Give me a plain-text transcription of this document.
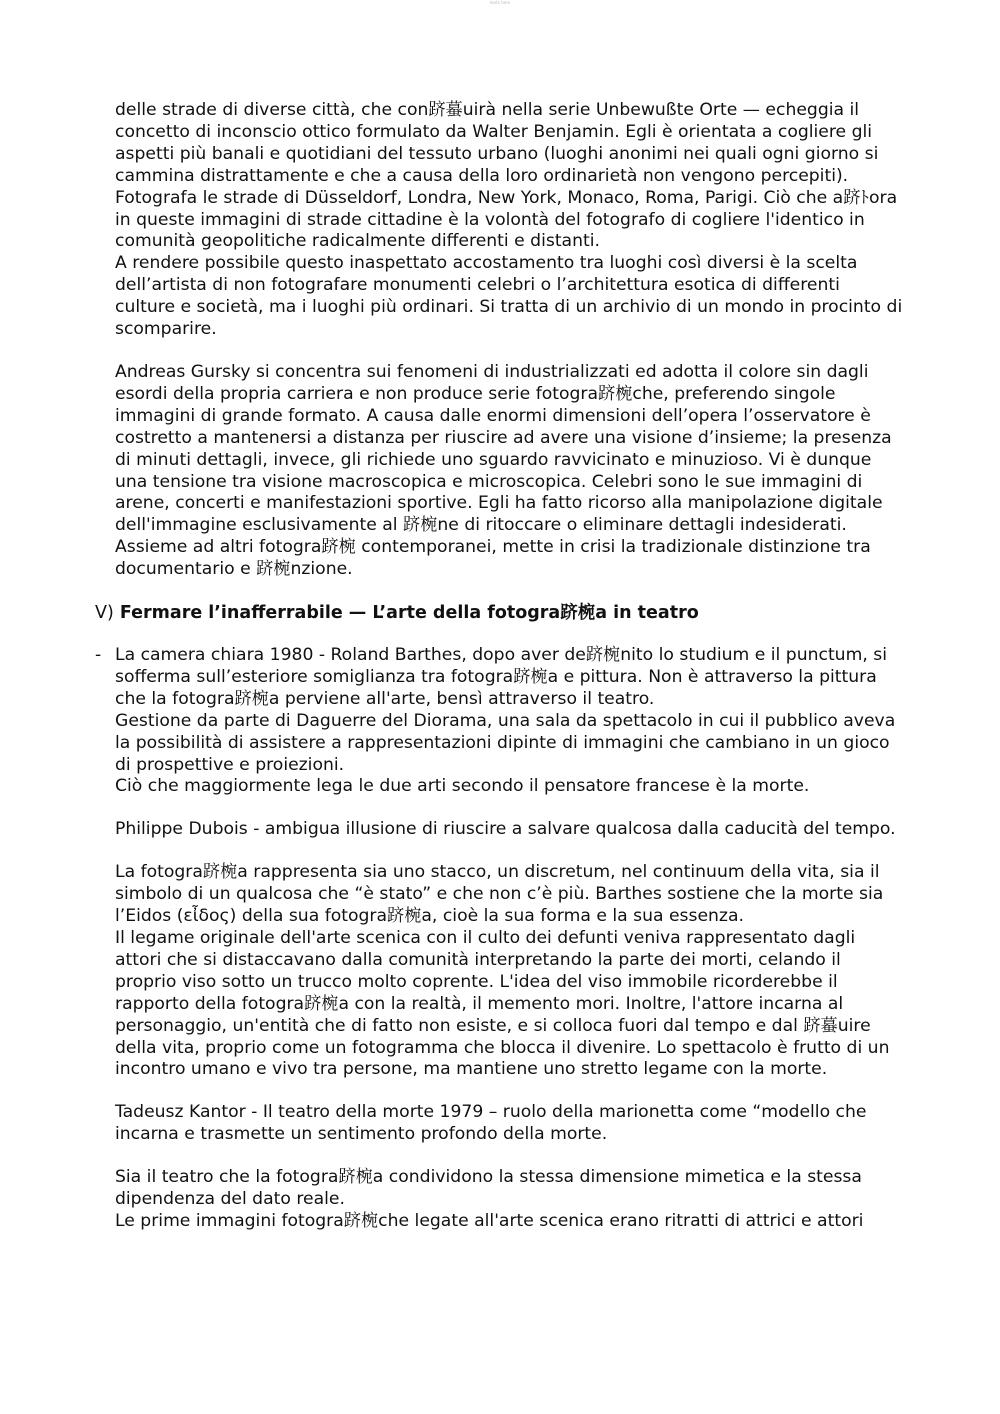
texts here

delle strade di diverse città, che con跻蟇uirà nella serie Unbewußte Orte — echeggia il concetto di inconscio ottico formulato da Walter Benjamin. Egli è orientata a cogliere gli aspetti più banali e quotidiani del tessuto urbano (luoghi anonimi nei quali ogni giorno si cammina distrattamente e che a causa della loro ordinarietà non vengono percepiti). Fotografa le strade di Düsseldorf, Londra, New York, Monaco, Roma, Parigi. Ciò che a跻ﾄora in queste immagini di strade cittadine è la volontà del fotografo di cogliere l'identico in comunità geopolitiche radicalmente differenti e distanti.

A rendere possibile questo inaspettato accostamento tra luoghi così diversi è la scelta dell’artista di non fotografare monumenti celebri o l’architettura esotica di differenti culture e società, ma i luoghi più ordinari. Si tratta di un archivio di un mondo in procinto di scomparire.

Andreas Gursky si concentra sui fenomeni di industrializzati ed adotta il colore sin dagli esordi della propria carriera e non produce serie fotogra跻椀che, preferendo singole immagini di grande formato. A causa dalle enormi dimensioni dell’opera l’osservatore è costretto a mantenersi a distanza per riuscire ad avere una visione d’insieme; la presenza di minuti dettagli, invece, gli richiede uno sguardo ravvicinato e minuzioso. Vi è dunque una tensione tra visione macroscopica e microscopica. Celebri sono le sue immagini di arene, concerti e manifestazioni sportive. Egli ha fatto ricorso alla manipolazione digitale dell'immagine esclusivamente al 跻椀ne di ritoccare o eliminare dettagli indesiderati. Assieme ad altri fotogra跻椀 contemporanei, mette in crisi la tradizionale distinzione tra documentario e 跻椀nzione.

V) Fermare l’inafferrabile — L’arte della fotogra跻椀a in teatro

- La camera chiara 1980 - Roland Barthes, dopo aver de跻椀nito lo studium e il punctum, si sofferma sull’esteriore somiglianza tra fotogra跻椀a e pittura. Non è attraverso la pittura che la fotogra跻椀a perviene all'arte, bensì attraverso il teatro.

Gestione da parte di Daguerre del Diorama, una sala da spettacolo in cui il pubblico aveva la possibilità di assistere a rappresentazioni dipinte di immagini che cambiano in un gioco di prospettive e proiezioni.

Ciò che maggiormente lega le due arti secondo il pensatore francese è la morte.

Philippe Dubois - ambigua illusione di riuscire a salvare qualcosa dalla caducità del tempo.

La fotogra跻椀a rappresenta sia uno stacco, un discretum, nel continuum della vita, sia il simbolo di un qualcosa che “è stato” e che non c’è più. Barthes sostiene che la morte sia l’Eidos (εἶδος) della sua fotogra跻椀a, cioè la sua forma e la sua essenza.

Il legame originale dell'arte scenica con il culto dei defunti veniva rappresentato dagli attori che si distaccavano dalla comunità interpretando la parte dei morti, celando il proprio viso sotto un trucco molto coprente. L'idea del viso immobile ricorderebbe il rapporto della fotogra跻椀a con la realtà, il memento mori. Inoltre, l'attore incarna al personaggio, un'entità che di fatto non esiste, e si colloca fuori dal tempo e dal 跻蟇uire della vita, proprio come un fotogramma che blocca il divenire. Lo spettacolo è frutto di un incontro umano e vivo tra persone, ma mantiene uno stretto legame con la morte.

Tadeusz Kantor - Il teatro della morte 1979 – ruolo della marionetta come “modello che incarna e trasmette un sentimento profondo della morte.

Sia il teatro che la fotogra跻椀a condividono la stessa dimensione mimetica e la stessa dipendenza del dato reale.

Le prime immagini fotogra跻椀che legate all'arte scenica erano ritratti di attrici e attori
